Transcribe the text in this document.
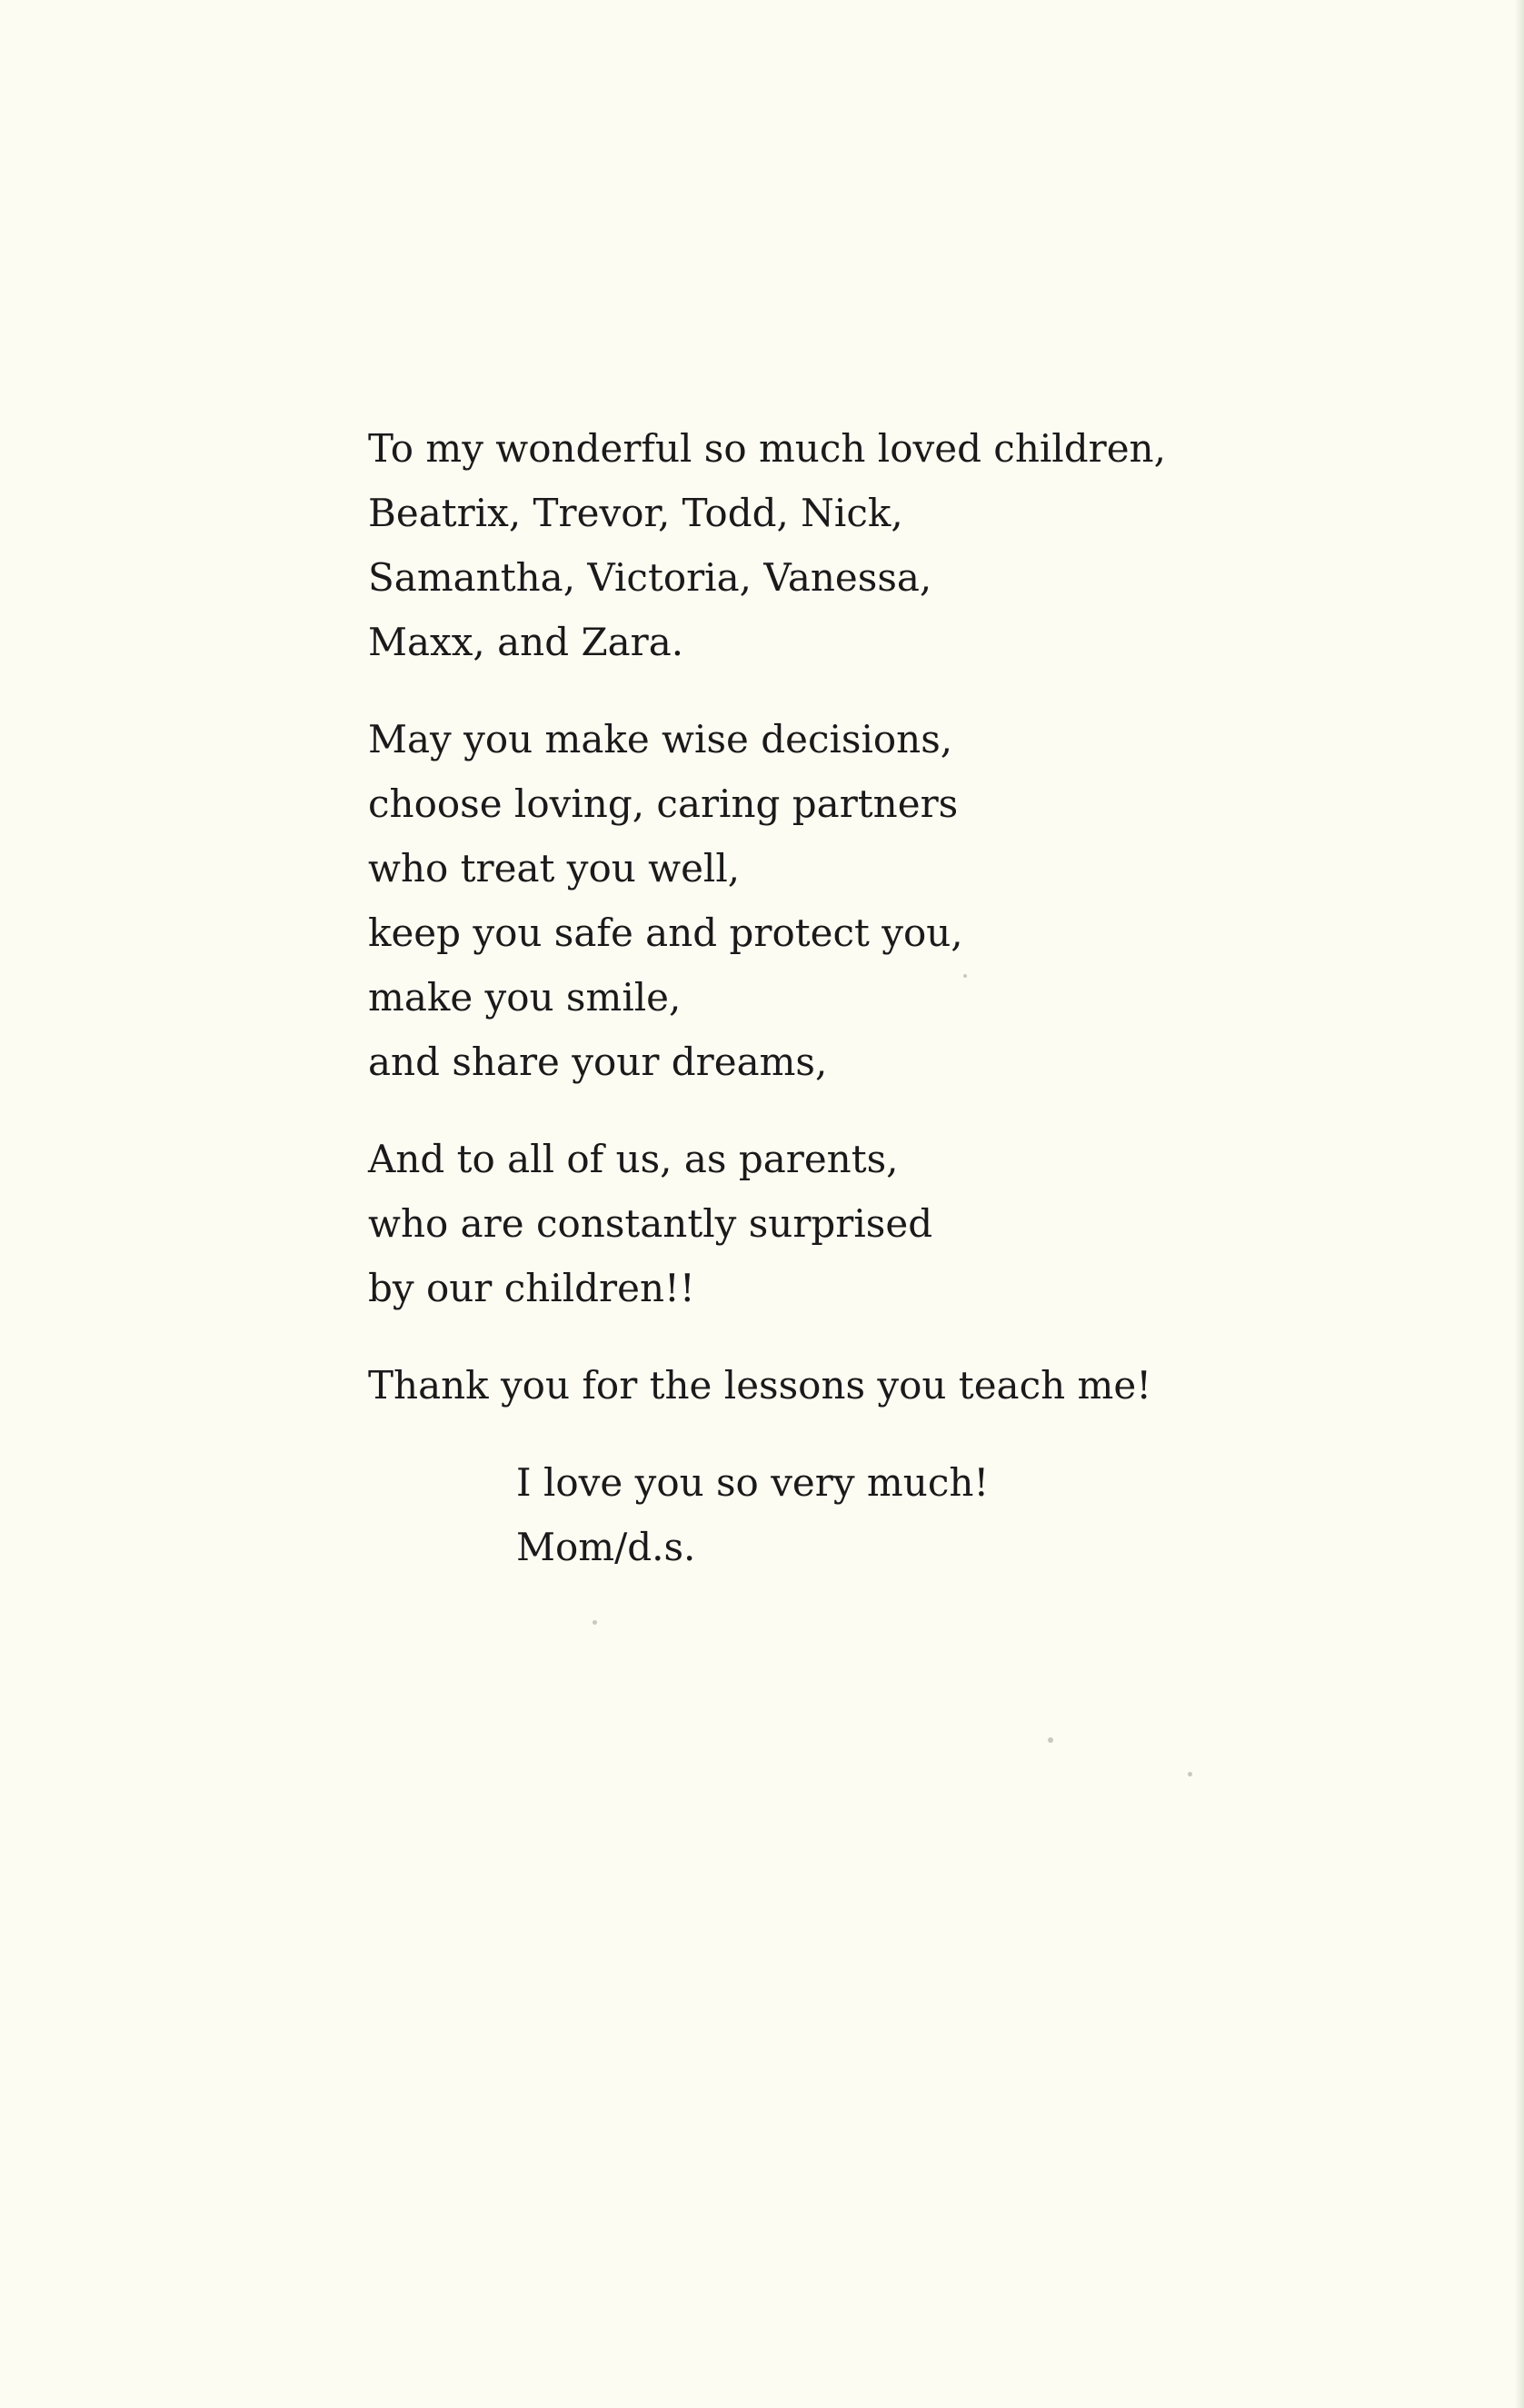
To my wonderful so much loved children,
Beatrix, Trevor, Todd, Nick,
Samantha, Victoria, Vanessa,
Maxx, and Zara.
May you make wise decisions,
choose loving, caring partners
who treat you well,
keep you safe and protect you,
make you smile,
and share your dreams,
And to all of us, as parents,
who are constantly surprised
by our children!!
Thank you for the lessons you teach me!
I love you so very much!
Mom/d.s.
